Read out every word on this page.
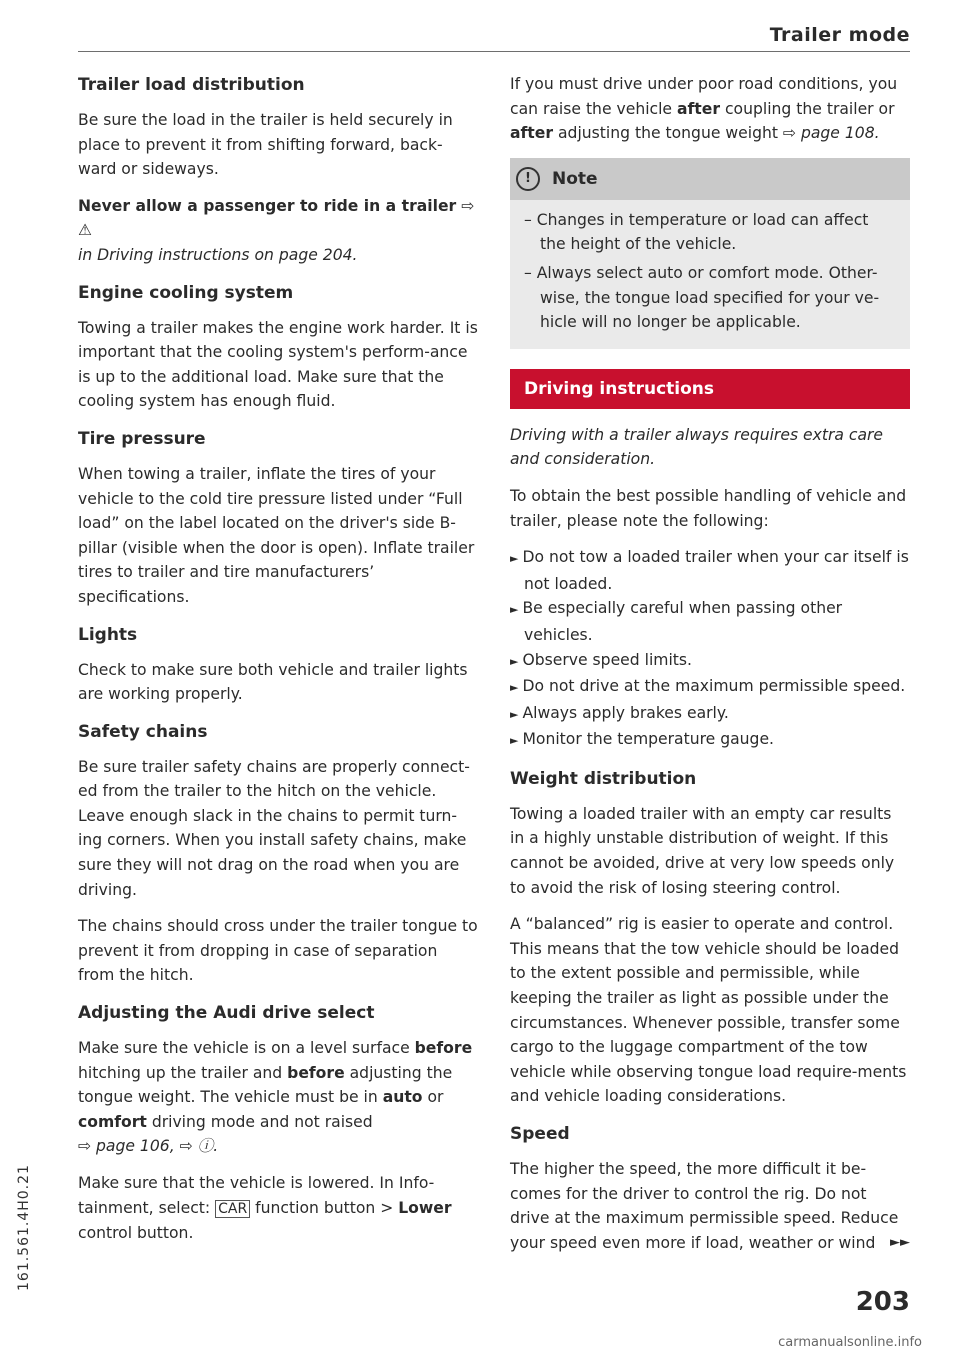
Trailer mode
Trailer load distribution

Be sure the load in the trailer is held securely in place to prevent it from shifting forward, back-ward or sideways.

Never allow a passenger to ride in a trailer ⇨ ⚠
in Driving instructions on page 204.

Engine cooling system

Towing a trailer makes the engine work harder. It is important that the cooling system's perform-ance is up to the additional load. Make sure that the cooling system has enough fluid.

Tire pressure

When towing a trailer, inflate the tires of your vehicle to the cold tire pressure listed under “Full load” on the label located on the driver's side B-pillar (visible when the door is open). Inflate trailer tires to trailer and tire manufacturers’ specifications.

Lights

Check to make sure both vehicle and trailer lights are working properly.

Safety chains

Be sure trailer safety chains are properly connect-ed from the trailer to the hitch on the vehicle. Leave enough slack in the chains to permit turn-ing corners. When you install safety chains, make sure they will not drag on the road when you are driving.

The chains should cross under the trailer tongue to prevent it from dropping in case of separation from the hitch.

Adjusting the Audi drive select

Make sure the vehicle is on a level surface before hitching up the trailer and before adjusting the tongue weight. The vehicle must be in auto or comfort driving mode and not raised
⇨ page 106, ⇨ ⓘ.

Make sure that the vehicle is lowered. In Info-tainment, select: CAR function button > Lower control button.

If you must drive under poor road conditions, you can raise the vehicle after coupling the trailer or after adjusting the tongue weight ⇨ page 108.

!	Note
– Changes in temperature or load can affect the height of the vehicle.
– Always select auto or comfort mode. Other-wise, the tongue load specified for your ve-hicle will no longer be applicable.
Driving instructions

Driving with a trailer always requires extra care and consideration.

To obtain the best possible handling of vehicle and trailer, please note the following:

► Do not tow a loaded trailer when your car itself is not loaded.
► Be especially careful when passing other vehicles.
► Observe speed limits.
► Do not drive at the maximum permissible speed.
► Always apply brakes early.
► Monitor the temperature gauge.
Weight distribution

Towing a loaded trailer with an empty car results in a highly unstable distribution of weight. If this cannot be avoided, drive at very low speeds only to avoid the risk of losing steering control.

A “balanced” rig is easier to operate and control. This means that the tow vehicle should be loaded to the extent possible and permissible, while keeping the trailer as light as possible under the circumstances. Whenever possible, transfer some cargo to the luggage compartment of the tow vehicle while observing tongue load require-ments and vehicle loading considerations.

Speed

The higher the speed, the more difficult it be-comes for the driver to control the rig. Do not drive at the maximum permissible speed. Reduce your speed even more if load, weather or wind ►►

161.561.4H0.21
203
carmanualsonline.info
